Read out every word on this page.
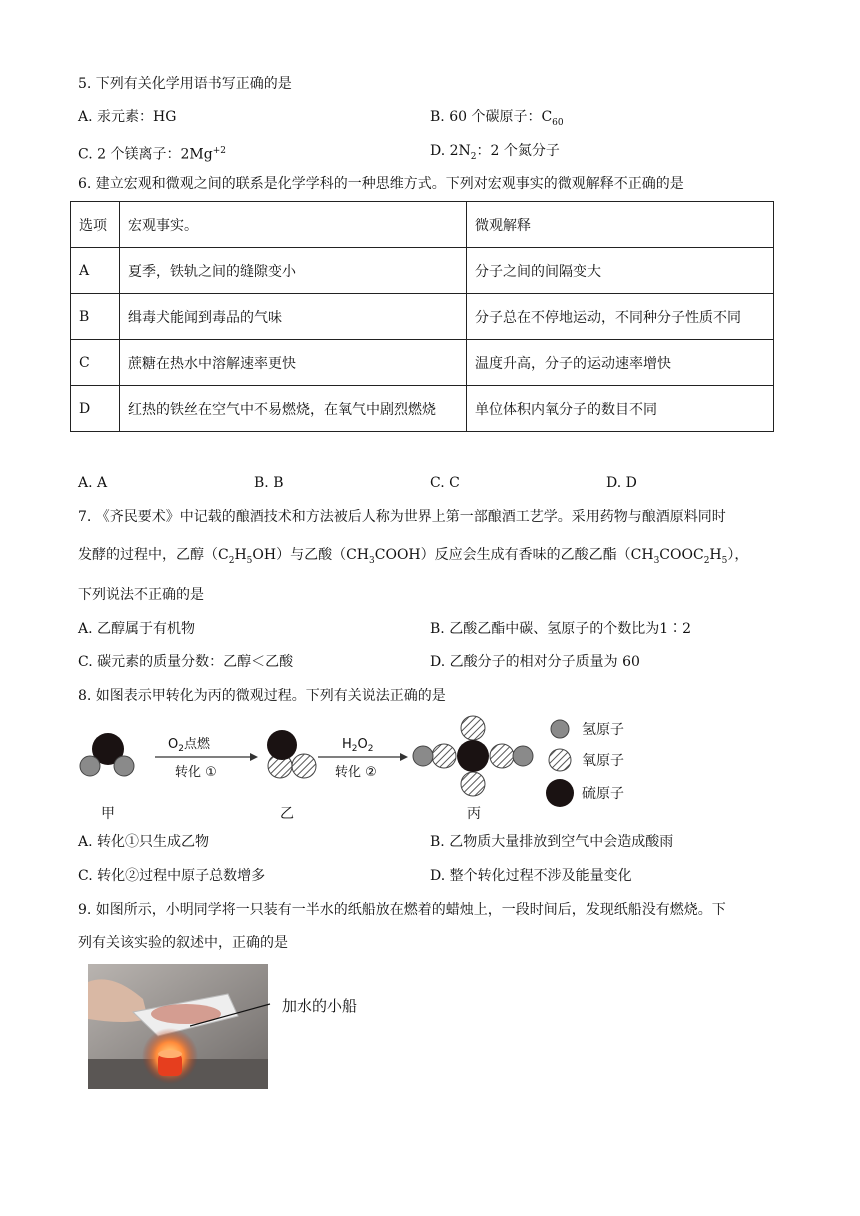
5. 下列有关化学用语书写正确的是
A. 汞元素：HG	B. 60 个碳原子：$C_{60}$
C. 2 个镁离子：$2Mg^{+2}$	D. $2N_2$：2 个氮分子
6. 建立宏观和微观之间的联系是化学学科的一种思维方式。下列对宏观事实的微观解释不正确的是
选项	宏观事实。	微观解释
A	夏季，铁轨之间的缝隙变小	分子之间的间隔变大
B	缉毒犬能闻到毒品的气味	分子总在不停地运动，不同种分子性质不同
C	蔗糖在热水中溶解速率更快	温度升高，分子的运动速率增快
D	红热的铁丝在空气中不易燃烧，在氧气中剧烈燃烧	单位体积内氧分子的数目不同
A. A	B. B	C. C	D. D
7. 《齐民要术》中记载的酿酒技术和方法被后人称为世界上第一部酿酒工艺学。采用药物与酿酒原料同时
发酵的过程中，乙醇$(C_2H_5OH)$与乙酸$(CH_3COOH)$反应会生成有香味的乙酸乙酯$(CH_3COOC_2H_5)$，
下列说法不正确的是
A. 乙醇属于有机物	B. 乙酸乙酯中碳、氢原子的个数比为1∶2
C. 碳元素的质量分数：乙醇＜乙酸	D. 乙酸分子的相对分子质量为 60
8. 如图表示甲转化为丙的微观过程。下列有关说法正确的是
$O_2$点燃
转化 ①
$H_2O_2$
转化 ②
氢原子
氧原子
硫原子
甲	乙	丙
A. 转化①只生成乙物	B. 乙物质大量排放到空气中会造成酸雨
C. 转化②过程中原子总数增多	D. 整个转化过程不涉及能量变化
9. 如图所示，小明同学将一只装有一半水的纸船放在燃着的蜡烛上，一段时间后，发现纸船没有燃烧。下
列有关该实验的叙述中，正确的是
加水的小船
